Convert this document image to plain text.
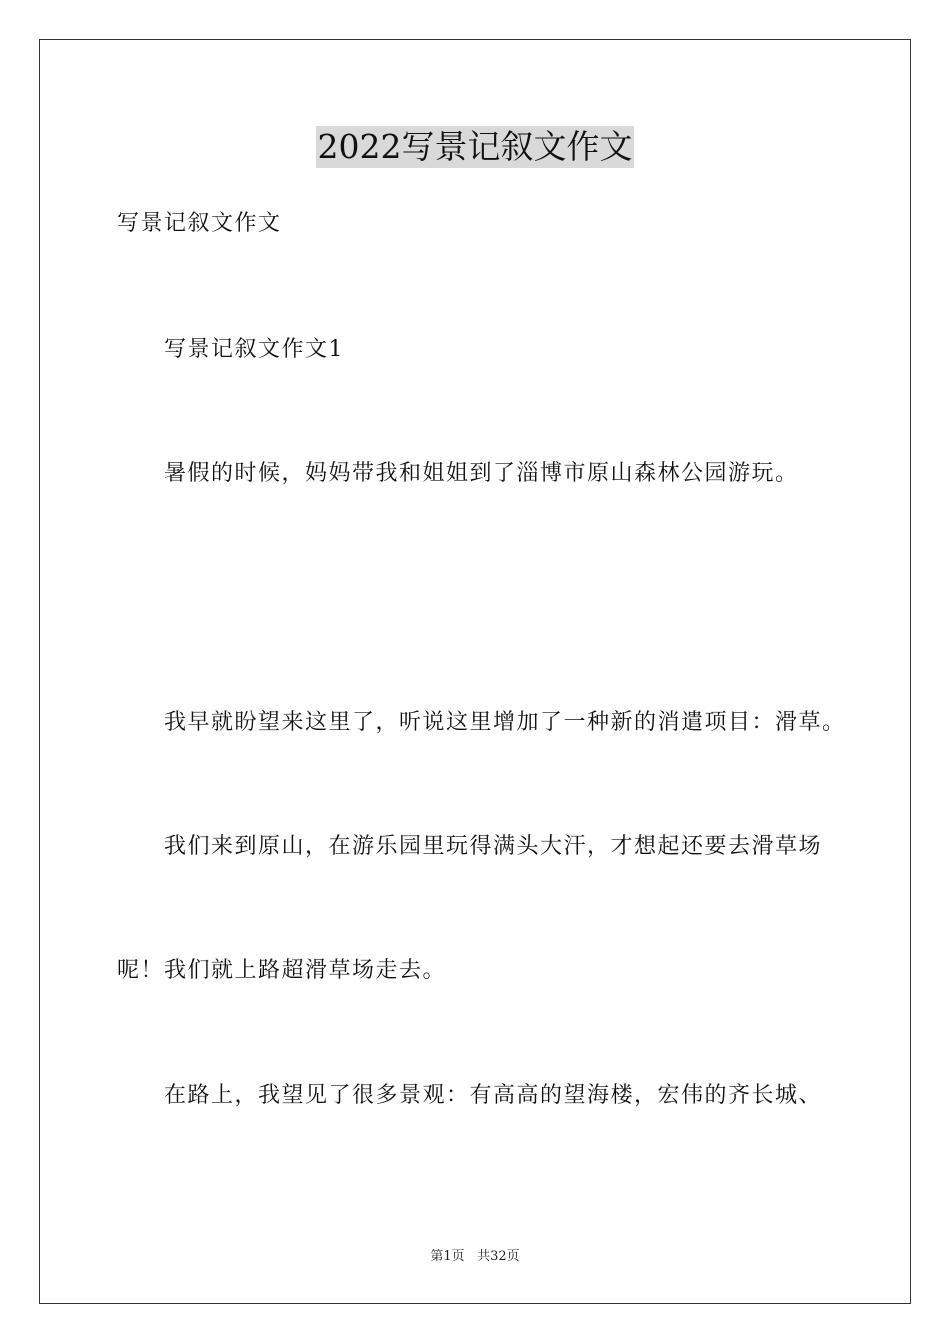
2022写景记叙文作文
写景记叙文作文
写景记叙文作文1
暑假的时候，妈妈带我和姐姐到了淄博市原山森林公园游玩。
我早就盼望来这里了，听说这里增加了一种新的消遣项目：滑草。
我们来到原山，在游乐园里玩得满头大汗，才想起还要去滑草场
呢！我们就上路超滑草场走去。
在路上，我望见了很多景观：有高高的望海楼，宏伟的齐长城、
第1页 共32页
